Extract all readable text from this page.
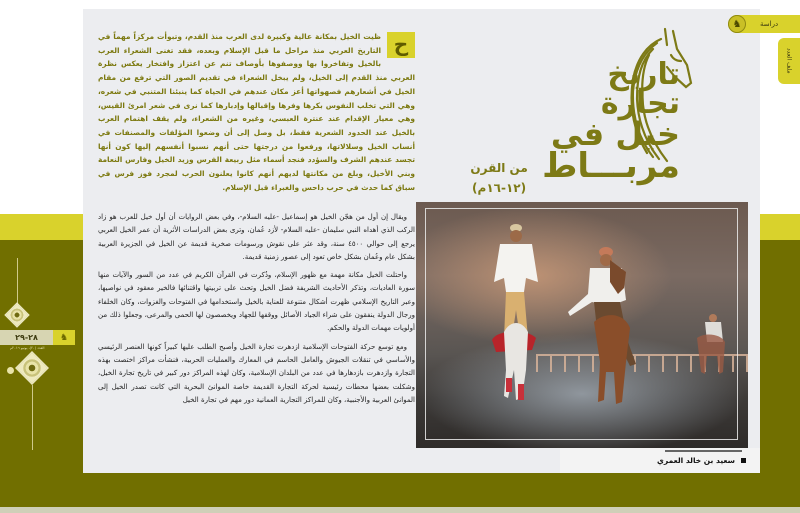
♞	دراسة
ملف العدد
٢٨-٢٩	♞
العدد (٢٠)، يونيو ٢٠١٦م
تاريخ
تجارة
خيل في
مربـــاط
من القرن
(١٢-١٦م)
ح
ظيت الخيل بمكانة عالية وكبيرة لدى العرب منذ القدم، وتبوأت مركزاً مهماً في التاريخ العربي منذ مراحل ما قبل الإسلام وبعده، فقد تغنى الشعراء العرب بالخيل وتفاخروا بها ووصفوها بأوصاف تنم عن اعتزاز وافتخار يعكس نظرة العربي منذ القدم إلى الخيل، ولم يبخل الشعراء في تقديم الصور التي ترفع من مقام الخيل في أشعارهم فصهواتها أعز مكان عندهم في الحياة كما ينبئنا المتنبي في شعره، وهي التي تخلب النفوس بكرها وفرها وإقبالها وإدبارها كما نرى في شعر امرئ القيس، وهي معيار الإقدام عند عنترة العبسي، وغيره من الشعراء، ولم يقف اهتمام العرب بالخيل عند الحدود الشعرية فقط، بل وصل إلى أن وضعوا المؤلفات والمصنفات في أنساب الخيل وسلالاتها، ورفعوا من درجتها حتى أنهم نسبوا أنفسهم إليها كون أنها تجسد عندهم الشرف والسؤدد فنجد أسماء مثل ربيعة الفرس وزيد الخيل وفارس النعامة وبني الأخيل، وبلغ من مكانتها لديهم أنهم كانوا يعلنون الحرب لمجرد فوز فرس في سباق كما حدث في حرب داحس والغبراء قبل الإسلام.

ويقال إن أول من هجّن الخيل هو إسماعيل -عليه السلام-، وفي بعض الروايات أن أول خيل للعرب هو زاد الركب الذي أهداه النبي سليمان -عليه السلام- لأزد عُمان، وترى بعض الدراسات الأثرية أن عمر الخيل العربي يرجع إلى حوالي ٤٥٠٠ سنة، وقد عثر على نقوش ورسومات صخرية قديمة عن الخيل في الجزيرة العربية بشكل عام وعُمان بشكل خاص تعود إلى عصور زمنية قديمة.

واحتلت الخيل مكانة مهمة مع ظهور الإسلام، وذُكرت في القرآن الكريم في عدد من السور والآيات منها سورة العاديات، وتذكر الأحاديث الشريفة فضل الخيل وتحث على تربيتها واقتنائها فالخير معقود في نواصيها، وعبر التاريخ الإسلامي ظهرت أشكال متنوعة للعناية بالخيل واستخدامها في الفتوحات والغزوات، وكان الخلفاء ورجال الدولة ينفقون على شراء الجياد الأصائل ووقفها للجهاد ويخصصون لها الحمى والمرعى، وجعلوا ذلك من أولويات مهمات الدولة والحكم.

ومع توسع حركة الفتوحات الإسلامية ازدهرت تجارة الخيل وأصبح الطلب عليها كبيراً كونها العنصر الرئيسي والأساسي في تنقلات الجيوش والعامل الحاسم في المعارك والعمليات الحربية، فنشأت مراكز اختصت بهذه التجارة وازدهرت بازدهارها في عدد من البلدان الإسلامية، وكان لهذه المراكز دور كبير في تاريخ تجارة الخيل، وشكلت بعضها محطات رئيسية لحركة التجارة القديمة خاصة الموانئ البحرية التي كانت تصدر الخيل إلى الموانئ العربية والأجنبية، وكان للمراكز التجارية العمانية دور مهم في تجارة الخيل

سعيد بن خالد العمري
